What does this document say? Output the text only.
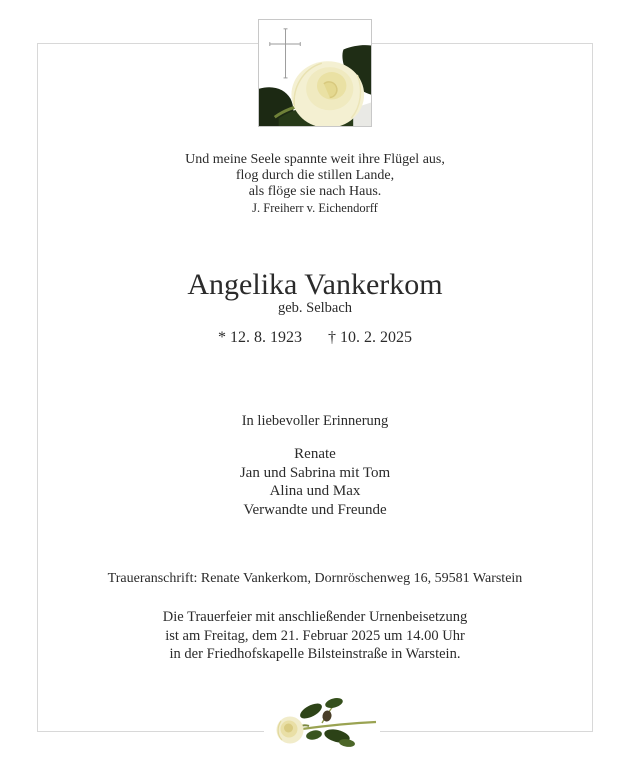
Und meine Seele spannte weit ihre Flügel aus,
flog durch die stillen Lande,
als flöge sie nach Haus.
J. Freiherr v. Eichendorff
Angelika Vankerkom
geb. Selbach
* 12. 8. 1923 † 10. 2. 2025
In liebevoller Erinnerung
Renate
Jan und Sabrina mit Tom
Alina und Max
Verwandte und Freunde
Traueranschrift: Renate Vankerkom, Dornröschenweg 16, 59581 Warstein
Die Trauerfeier mit anschließender Urnenbeisetzung
ist am Freitag, dem 21. Februar 2025 um 14.00 Uhr
in der Friedhofskapelle Bilsteinstraße in Warstein.
